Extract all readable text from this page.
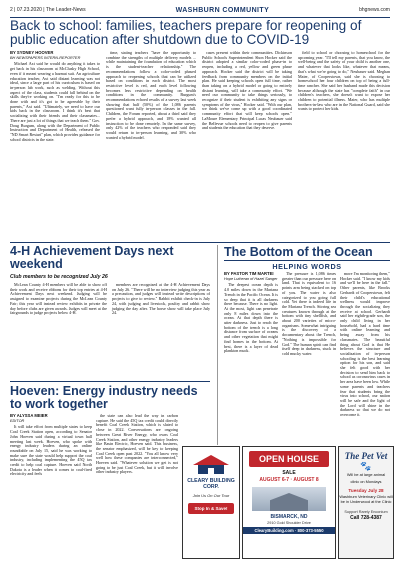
2 | 07.23.2020 | The Leader-News	WASHBURN COMMUNITY	bhgnews.com
Back to school: families, teachers prepare for reopening of public education after shutdown due to COVID-19
BY SYDNEY HOOVER
BH NEWSPAPERS INTERN-REPORTER

Michael Axt said he would do anything it takes to get back in his classroom at McClusky High School, even if it meant wearing a hazmat suit. An agriculture education teacher, Axt said distant learning was not ideal, since a large part of his curriculum is based on in-person lab work, such as welding. Without this aspect of the class, students could fall behind on the skills they're working on. "I'm ready for this to be done with and it's got to be agreeable by their parents," Axt said. "Ultimately, we need to have our kids back in the classroom. I think it's best that socializing with their friends and their classmates... There are just a lot of things that we teach them." Gov. Doug Burgum, along with the Department of Public Instruction and Department of Health, released the "ND Smart Restart" plan, which provides guidance for school districts in the state.

time, stating teachers "have the opportunity to combine the strengths of multiple delivery models ... while maintaining the foundation of education which is the student-teacher relationship." The recommendations follow a color-coded phased approach to reopening schools that can be utilized based on conditions in each district. The most restrictive level is red, and each level following becomes less restrictive depending on health conditions in the community. Burgum's recommendations echoed results of a survey last week showing that half (50%) of the 1,086 parents questioned want fully in-person classes in the fall. Children, the Forum reported, about a third said they prefer a hybrid approach, and 18% wanted all instruction to be done remotely. In the same survey, only 42% of the teachers who responded said they would return to in-person learning, and 30% who wanted a hybrid model.

cases present within their communities. Dickinson Public Schools Superintendent Shon Hocker said the district adopted a similar color-coded phase-in to reopen, including a red, yellow and green phase approach. Hocker said the district will be taking feedback from community members on the initial plan. He said keeping schools open full time, rather than taking on a hybrid model or going to entirely distant learning, will take a community effort. "We need our community to take things seriously, to recognize if their student is exhibiting any signs or symptoms of the virus," Hocker said. "With our plan, we think we've come up with a good coordinated community effort that will keep schools open." LaMoure Elementary Principal Lucas Neubauer said the Bellevue schools need to reopen to give parents and students the education that they deserve.

field to school or choosing to homeschool for the upcoming year. "I'll tell my parents, that you know, the well-being and the safety of your child is another one, and whatever that looks like, whatever that means, that's what we're going to do," Neubauer said. Meghan Maier, of Cooperstown, said she is choosing to homeschool her four children on top of being a full-time rancher. She said her husband made this decision because although the state has "complete faith" in our children's teachers, she doesn't want to expose her children to potential illness. Maier, who has multiple brothers-in-law who are in the National Guard, said she wants to protect her kids.

4-H Achievement Days next weekend
Club members to be recognized July 26

McLean County 4-H members will be able to show off their work and receive ribbons for their top entries at 4-H Achievement Days next weekend. Judging will be assigned to examine projects during the McLean County Fair; this year will instead review exhibits in private the day before clubs are given awards. Judges will meet at the fairgrounds to judge projects below 4-H.

members are recognized at the 4-H Achievement Days on July 26. "There will be no interview judging this year as a precaution, and judges will instead write descriptions of projects to give to review." Rabbit exhibit check-in is July 24, with judging and livestock, poultry and rabbit show judging the day after. The horse show will take place July 24.

Hoeven: Energy industry needs to work together
BY ALYSSA MEIER
EDITOR

It will take effort from multiple states to keep Coal Creek Station open, according to Senator John Hoeven said during a virtual town hall meeting last week. Hoeven, who spoke with energy industry leaders during an online roundtable on July 15, said he was working to make sure the state would help support the coal industry, including implementing the 45Q tax credit to help coal capture. Hoeven said North Dakota is a leader when it comes to coal-fired electricity and feels

the state can also lead the way in carbon capture. He said the 45Q tax credit could directly benefit Coal Creek Station, which is slated to close in 2022. Conversations are ongoing between Great River Energy, who owns Coal Creek Station, and other energy industry leaders like Basin Electric, Hoeven said. This business, the senator emphasized, will be key to keeping Coal Creek open past 2022. "You all know very well how these companies are interconnected," Hoeven said. "Whatever solution we get is not going to be just Coal Creek, but it will involve other industry players.

The Bottom of the Ocean
HELPING WORDS
BY PASTOR TIM MARTEI
Hope Lutheran of Hazel Sanger

The deepest ocean depth is 4.0 miles down in the Mariana Trench in the Pacific Ocean. It is so deep that it is all darkness there because. There is no light. At the most, light can penetrate only 8 miles down into the ocean. At that depth there is utter darkness. Just to reach the bottom of the trench is a long distance from surface of oceans and other vegetation that might find homes in the bottom. At best, there is a layer of dead plankton muck.

The pressure is 1,086 times greater than our pressure here on land. That is equivalent to 16 points arm being stacked on top of you. The water is also categorized to you going full cold. Yet there is indeed life in the Mariana Trench. Stirring sea creatures known through at the bottom with tiny shellfish, and about 200 varieties of micro-organisms. Somewhat intriguing is the discovery of a documentary about the Trench, "Nothing is impossible for God." The human spirit can find itself deep in darkness, stuck in cold mucky water.

more I'm monitoring them," Hocker said. "I know my kids and we'll be here in the fall." Other parents, like Brooks Gerhardt of Cooperstown, felt their child's educational wellness would improve through the socializing they receive at school. Gerhardt said her eighth-grade son, the only child living in her household, had a hard time with online learning and being away from his classmates. The beautiful thing about God is that He believes the structure and socialization of in-person schooling is the best learning option for his son, and said she felt good with her decision to send him back to school as coronavirus cases in her area have been low. While some parents and teachers fear that students bring the virus into school, our nation will be safe and the light of the Lord will shine in the darkness so that we do not overcome it.

CLEARY BUILDING CORP.
Join Us On Our Tour
Stop In & Save!
OPEN HOUSE
SALE
AUGUST 6-7 · AUGUST 8
BISMARCK, ND
2910 Gold Shoulder Drive
ClearyBuilding.com · 800-373-5550
The Pet Vet
🐾
Will be at large animal
clinic on Mondays
Tuesday July 28
Washburn Veterinary Clinic will be in Underwood at the Clinic
Support Rarely Enconium
Call 728-4387
